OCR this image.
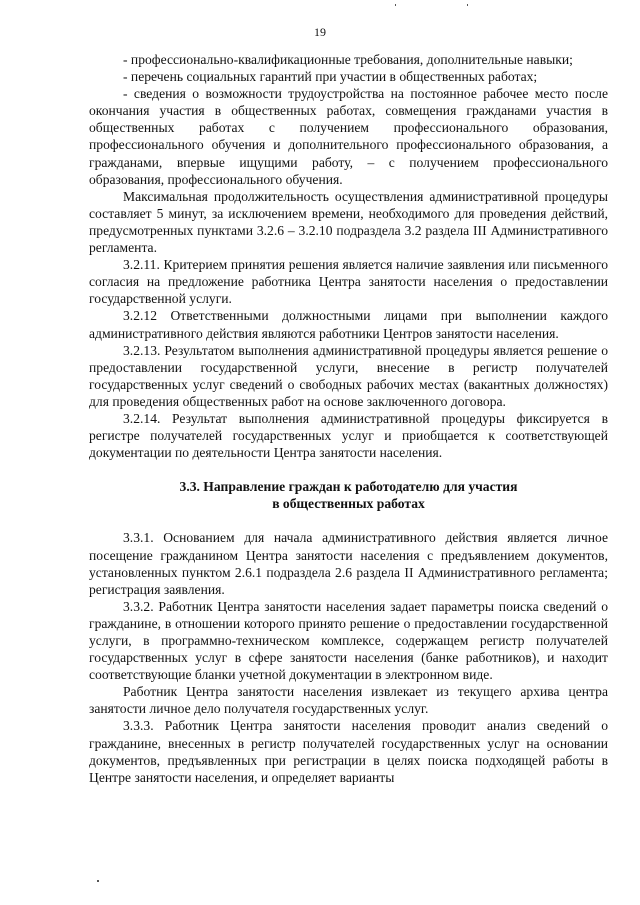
19

- профессионально-квалификационные требования, дополнительные навыки;

- перечень социальных гарантий при участии в общественных работах;

- сведения о возможности трудоустройства на постоянное рабочее место после окончания участия в общественных работах, совмещения гражданами участия в общественных работах с получением профессионального образования, профессионального обучения и дополнительного профессионального образования, а гражданами, впервые ищущими работу, – с получением профессионального образования, профессионального обучения.

Максимальная продолжительность осуществления административной процедуры составляет 5 минут, за исключением времени, необходимого для проведения действий, предусмотренных пунктами 3.2.6 – 3.2.10 подраздела 3.2 раздела III Административного регламента.

3.2.11. Критерием принятия решения является наличие заявления или письменного согласия на предложение работника Центра занятости населения о предоставлении государственной услуги.

3.2.12 Ответственными должностными лицами при выполнении каждого административного действия являются работники Центров занятости населения.

3.2.13. Результатом выполнения административной процедуры является решение о предоставлении государственной услуги, внесение в регистр получателей государственных услуг сведений о свободных рабочих местах (вакантных должностях) для проведения общественных работ на основе заключенного договора.

3.2.14. Результат выполнения административной процедуры фиксируется в регистре получателей государственных услуг и приобщается к соответствующей документации по деятельности Центра занятости населения.

3.3. Направление граждан к работодателю для участия
в общественных работах

3.3.1. Основанием для начала административного действия является личное посещение гражданином Центра занятости населения с предъявлением документов, установленных пунктом 2.6.1 подраздела 2.6 раздела II Административного регламента; регистрация заявления.

3.3.2. Работник Центра занятости населения задает параметры поиска сведений о гражданине, в отношении которого принято решение о предоставлении государственной услуги, в программно-техническом комплексе, содержащем регистр получателей государственных услуг в сфере занятости населения (банке работников), и находит соответствующие бланки учетной документации в электронном виде.

Работник Центра занятости населения извлекает из текущего архива центра занятости личное дело получателя государственных услуг.

3.3.3. Работник Центра занятости населения проводит анализ сведений о гражданине, внесенных в регистр получателей государственных услуг на основании документов, предъявленных при регистрации в целях поиска подходящей работы в Центре занятости населения, и определяет варианты
